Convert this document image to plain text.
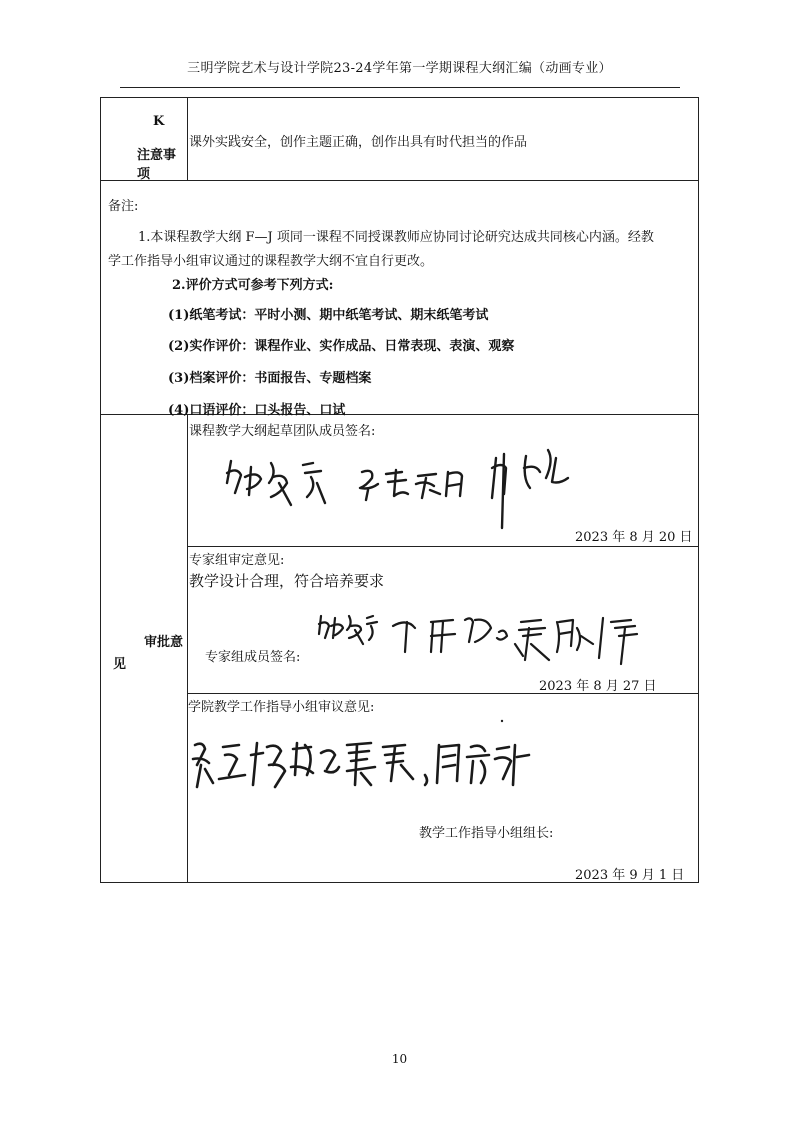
三明学院艺术与设计学院23-24学年第一学期课程大纲汇编（动画专业）
K
注意事
项
课外实践安全，创作主题正确，创作出具有时代担当的作品
备注:
1.本课程教学大纲 F—J 项同一课程不同授课教师应协同讨论研究达成共同核心内涵。经教
学工作指导小组审议通过的课程教学大纲不宜自行更改。
2.评价方式可参考下列方式:
(1)纸笔考试：平时小测、期中纸笔考试、期末纸笔考试
(2)实作评价：课程作业、实作成品、日常表现、表演、观察
(3)档案评价：书面报告、专题档案
(4)口语评价：口头报告、口试
审批意
见
课程教学大纲起草团队成员签名:
2023 年 8 月 20 日
专家组审定意见:
教学设计合理，符合培养要求
专家组成员签名:
2023 年 8 月 27 日
学院教学工作指导小组审议意见:
教学工作指导小组组长:
2023 年 9 月 1 日
10
